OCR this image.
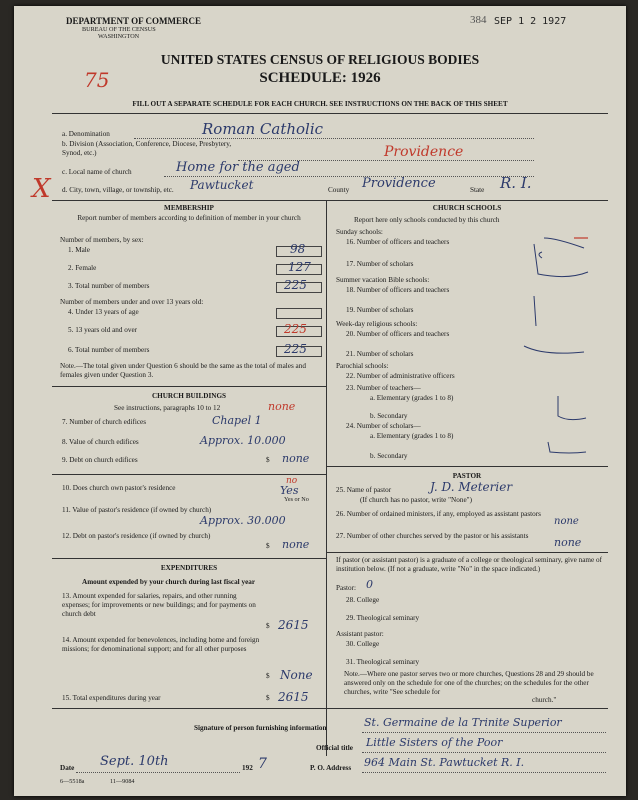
DEPARTMENT OF COMMERCE
BUREAU OF THE CENSUS
WASHINGTON
384 SEP 1 2 1927
UNITED STATES CENSUS OF RELIGIOUS BODIES
SCHEDULE: 1926
75
FILL OUT A SEPARATE SCHEDULE FOR EACH CHURCH. SEE INSTRUCTIONS ON THE BACK OF THIS SHEET
a. Denomination	Roman Catholic
b. Division (Association, Conference, Diocese, Presbytery, Synod, etc.)	Providence
c. Local name of church	Home for the aged
d. City, town, village, or township, etc. Pawtucket	County Providence	State R. I.
X
MEMBERSHIP
Report number of members according to definition of member in your church
Number of members, by sex:
1. Male	98
2. Female	127
3. Total number of members	225
Number of members under and over 13 years old:
4. Under 13 years of age
5. 13 years old and over	225
6. Total number of members	225
Note.—The total given under Question 6 should be the same as the total of males and females given under Question 3.
CHURCH BUILDINGS
See instructions, paragraphs 10 to 12	none
7. Number of church edifices	Chapel 1
8. Value of church edifices	Approx. 10.000
9. Debt on church edifices	$ none
10. Does church own pastor's residence
no
Yes
Yes or No
11. Value of pastor's residence (if owned by church)
Approx. 30.000
12. Debt on pastor's residence (if owned by church)
$ none
EXPENDITURES
Amount expended by your church during last fiscal year
13. Amount expended for salaries, repairs, and other running expenses; for improvements or new buildings; and for payments on church debt
$ 2615
14. Amount expended for benevolences, including home and foreign missions; for denominational support; and for all other purposes
$ None
15. Total expenditures during year	$ 2615
CHURCH SCHOOLS
Report here only schools conducted by this church
Sunday schools:
16. Number of officers and teachers
17. Number of scholars
Summer vacation Bible schools:
18. Number of officers and teachers
19. Number of scholars
Week-day religious schools:
20. Number of officers and teachers
21. Number of scholars
Parochial schools:
22. Number of administrative officers
23. Number of teachers—
a. Elementary (grades 1 to 8)
b. Secondary
24. Number of scholars—
a. Elementary (grades 1 to 8)
b. Secondary
PASTOR
25. Name of pastor	J. D. Meterier
(If church has no pastor, write "None")
26. Number of ordained ministers, if any, employed as assistant pastors
none
27. Number of other churches served by the pastor or his assistants	none
If pastor (or assistant pastor) is a graduate of a college or theological seminary, give name of institution below. (If not a graduate, write "No" in the space indicated.)
Pastor: 0
28. College
29. Theological seminary
Assistant pastor:
30. College
31. Theological seminary
Note.—Where one pastor serves two or more churches, Questions 28 and 29 should be answered only on the schedule for one of the churches; on the schedules for the other churches, write "See schedule for
church."
Signature of person furnishing information	St. Germaine de la Trinite Superior
Official title Little Sisters of the Poor
Date Sept. 10th	192 7	P. O. Address 964 Main St. Pawtucket R. I.
6—5518a	11—9084
